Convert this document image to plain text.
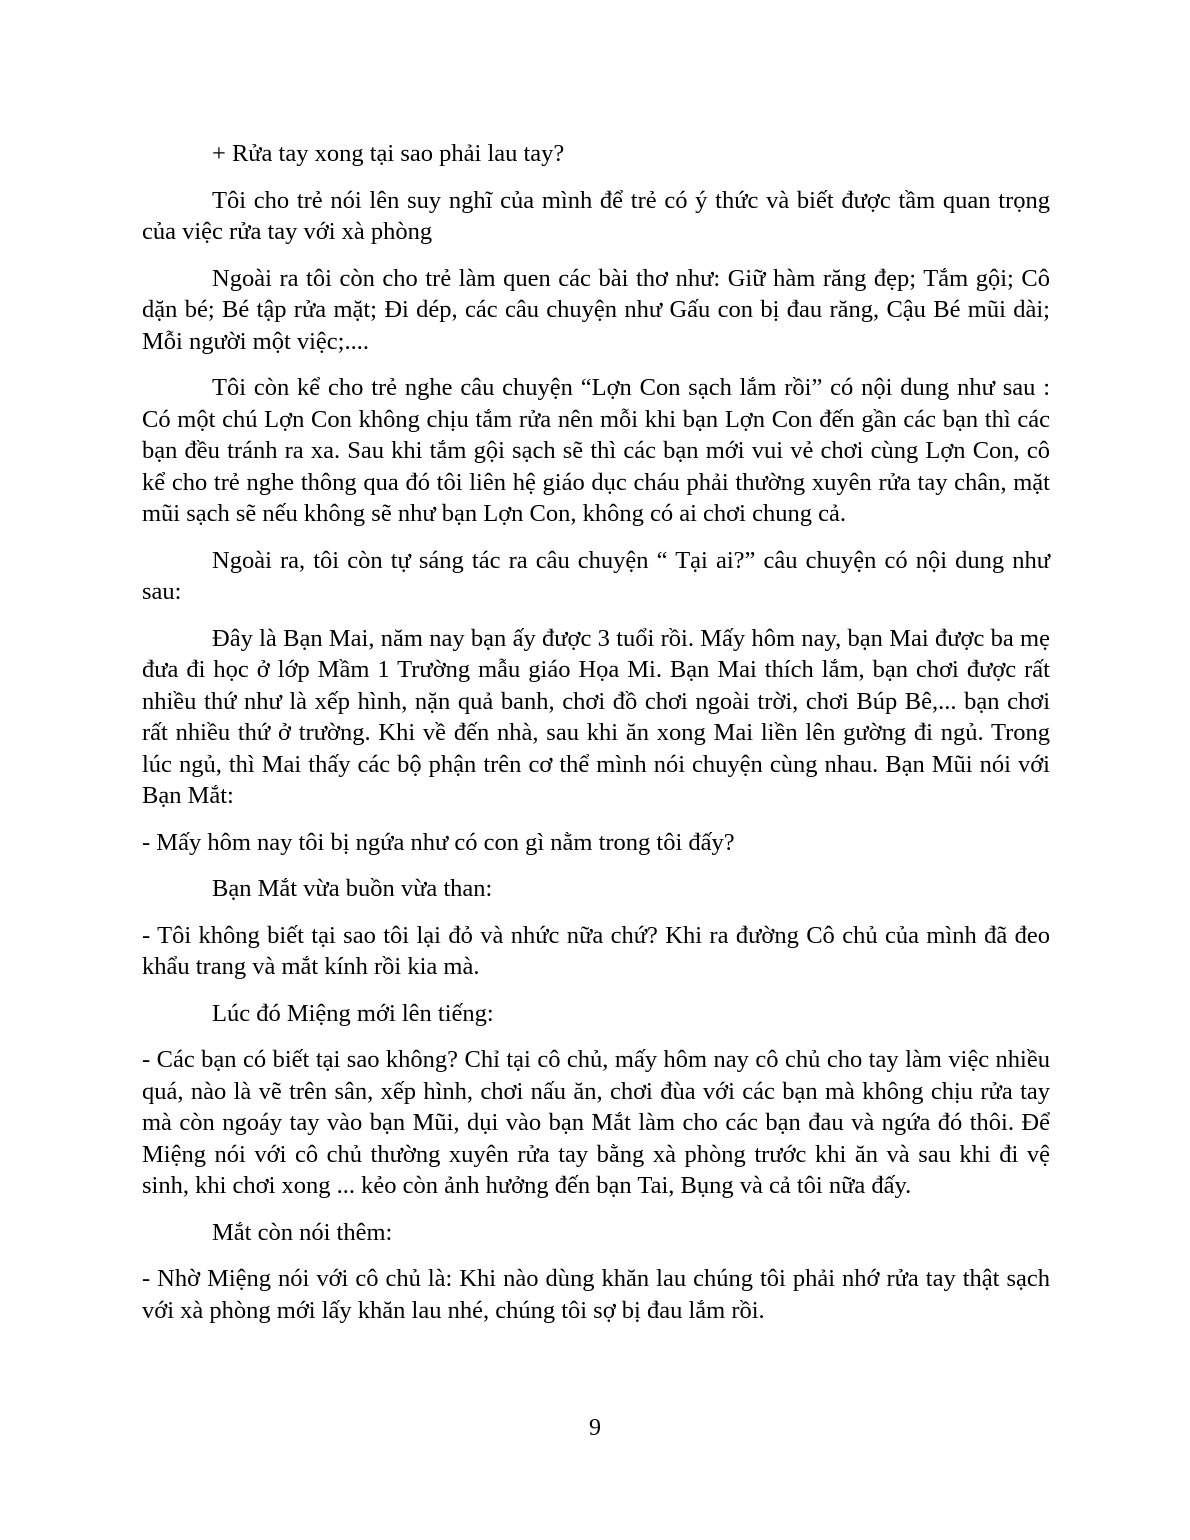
+ Rửa tay xong tại sao phải lau tay?

Tôi cho trẻ nói lên suy nghĩ của mình để trẻ có ý thức và biết được tầm quan trọng của việc rửa tay với xà phòng

Ngoài ra tôi còn cho trẻ làm quen các bài thơ như: Giữ hàm răng đẹp; Tắm gội; Cô dặn bé; Bé tập rửa mặt; Đi dép, các câu chuyện như Gấu con bị đau răng, Cậu Bé mũi dài; Mỗi người một việc;....

Tôi còn kể cho trẻ nghe câu chuyện “Lợn Con sạch lắm rồi” có nội dung như sau : Có một chú Lợn Con không chịu tắm rửa nên mỗi khi bạn Lợn Con đến gần các bạn thì các bạn đều tránh ra xa. Sau khi tắm gội sạch sẽ thì các bạn mới vui vẻ chơi cùng Lợn Con, cô kể cho trẻ nghe thông qua đó tôi liên hệ giáo dục cháu phải thường xuyên rửa tay chân, mặt mũi sạch sẽ nếu không sẽ như bạn Lợn Con, không có ai chơi chung cả.

Ngoài ra, tôi còn tự sáng tác ra câu chuyện “ Tại ai?” câu chuyện có nội dung như sau:

Đây là Bạn Mai, năm nay bạn ấy được 3 tuổi rồi. Mấy hôm nay, bạn Mai được ba mẹ đưa đi học ở lớp Mầm 1 Trường mẫu giáo Họa Mi. Bạn Mai thích lắm, bạn chơi được rất nhiều thứ như là xếp hình, nặn quả banh, chơi đồ chơi ngoài trời, chơi Búp Bê,... bạn chơi rất nhiều thứ ở trường. Khi về đến nhà, sau khi ăn xong Mai liền lên gường đi ngủ. Trong lúc ngủ, thì Mai thấy các bộ phận trên cơ thể mình nói chuyện cùng nhau. Bạn Mũi nói với Bạn Mắt:

- Mấy hôm nay tôi bị ngứa như có con gì nằm trong tôi đấy?

Bạn Mắt vừa buồn vừa than:

- Tôi không biết tại sao tôi lại đỏ và nhức nữa chứ? Khi ra đường Cô chủ của mình đã đeo khẩu trang và mắt kính rồi kia mà.

Lúc đó Miệng mới lên tiếng:

- Các bạn có biết tại sao không? Chỉ tại cô chủ, mấy hôm nay cô chủ cho tay làm việc nhiều quá, nào là vẽ trên sân, xếp hình, chơi nấu ăn, chơi đùa với các bạn mà không chịu rửa tay mà còn ngoáy tay vào bạn Mũi, dụi vào bạn Mắt làm cho các bạn đau và ngứa đó thôi. Để Miệng nói với cô chủ thường xuyên rửa tay bằng xà phòng trước khi ăn và sau khi đi vệ sinh, khi chơi xong ... kẻo còn ảnh hưởng đến bạn Tai, Bụng và cả tôi nữa đấy.

Mắt còn nói thêm:

- Nhờ Miệng nói với cô chủ là: Khi nào dùng khăn lau chúng tôi phải nhớ rửa tay thật sạch với xà phòng mới lấy khăn lau nhé, chúng tôi sợ bị đau lắm rồi.

9
